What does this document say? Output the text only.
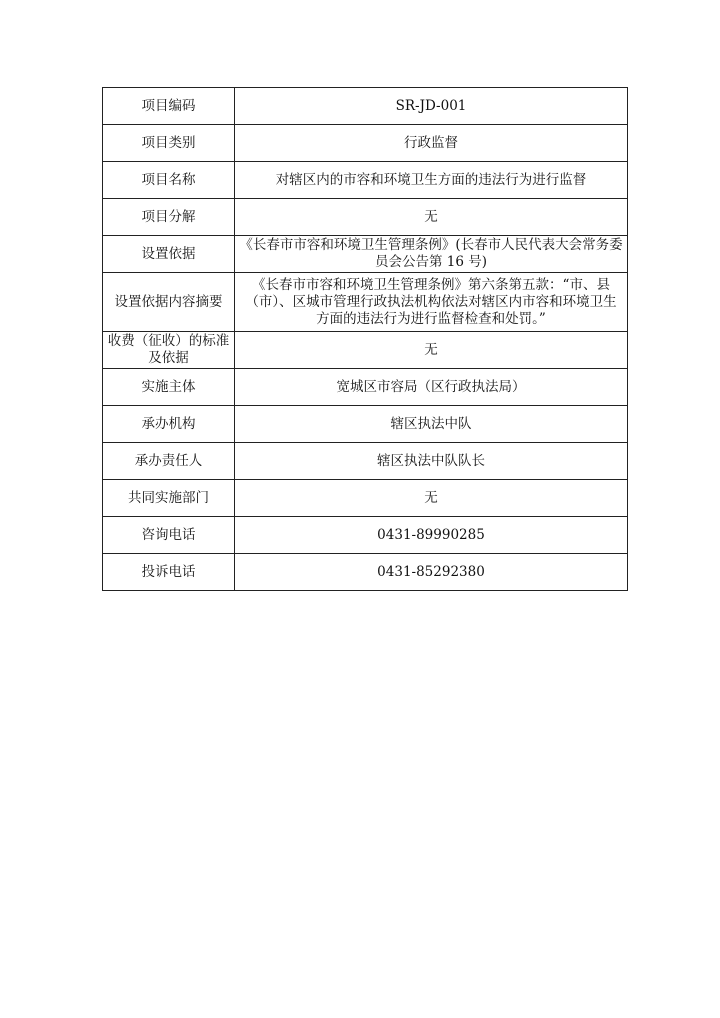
项目编码	SR-JD-001
项目类别	行政监督
项目名称	对辖区内的市容和环境卫生方面的违法行为进行监督
项目分解	无
设置依据	《长春市市容和环境卫生管理条例》(长春市人民代表大会常务委员会公告第 16 号)
设置依据内容摘要	《长春市市容和环境卫生管理条例》第六条第五款：“市、县（市）、区城市管理行政执法机构依法对辖区内市容和环境卫生方面的违法行为进行监督检查和处罚。”
收费（征收）的标准及依据	无
实施主体	宽城区市容局（区行政执法局）
承办机构	辖区执法中队
承办责任人	辖区执法中队队长
共同实施部门	无
咨询电话	0431-89990285
投诉电话	0431-85292380
